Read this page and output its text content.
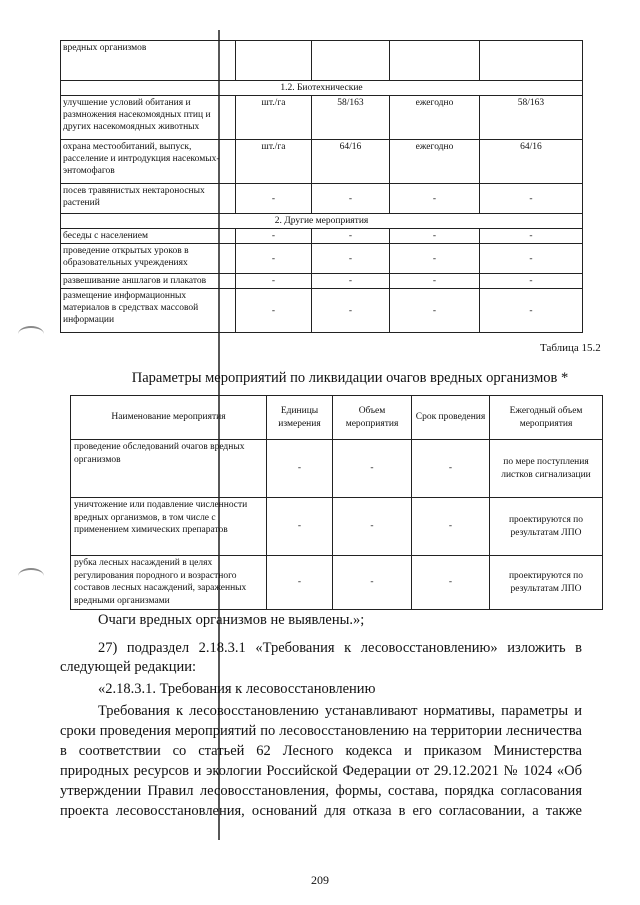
вредных организмов				
1.2. Биотехнические				
улучшение условий обитания и размножения насекомоядных птиц и других насекомоядных животных	шт./га	58/163	ежегодно	58/163
охрана местообитаний, выпуск, расселение и интродукция насекомых-энтомофагов	шт./га	64/16	ежегодно	64/16
посев травянистых нектароносных растений	-	-	-	-
2. Другие мероприятия				
беседы с населением	-	-	-	-
проведение открытых уроков в образовательных учреждениях	-	-	-	-
развешивание аншлагов и плакатов	-	-	-	-
размещение информационных материалов в средствах массовой информации	-	-	-	-
Таблица 15.2
Параметры мероприятий по ликвидации очагов вредных организмов *
Наименование мероприятия	Единицы измерения	Объем мероприятия	Срок проведения	Ежегодный объем мероприятия
проведение обследований очагов вредных организмов	-	-	-	по мере поступления листков сигнализации
уничтожение или подавление численности вредных организмов, в том числе с применением химических препаратов	-	-	-	проектируются по результатам ЛПО
рубка лесных насаждений в целях регулирования породного и возрастного составов лесных насаждений, зараженных вредными организмами	-	-	-	проектируются по результатам ЛПО
Очаги вредных организмов не выявлены.»;
27) подраздел 2.18.3.1 «Требования к лесовосстановлению» изложить в
следующей редакции:
«2.18.3.1. Требования к лесовосстановлению
Требования к лесовосстановлению устанавливают нормативы, параметры и
сроки проведения мероприятий по лесовосстановлению на территории лесничества
в соответствии со статьей 62 Лесного кодекса и приказом Министерства
природных ресурсов и экологии Российской Федерации от 29.12.2021 № 1024 «Об
утверждении Правил лесовосстановления, формы, состава, порядка согласования
проекта лесовосстановления, оснований для отказа в его согласовании, а также
209
